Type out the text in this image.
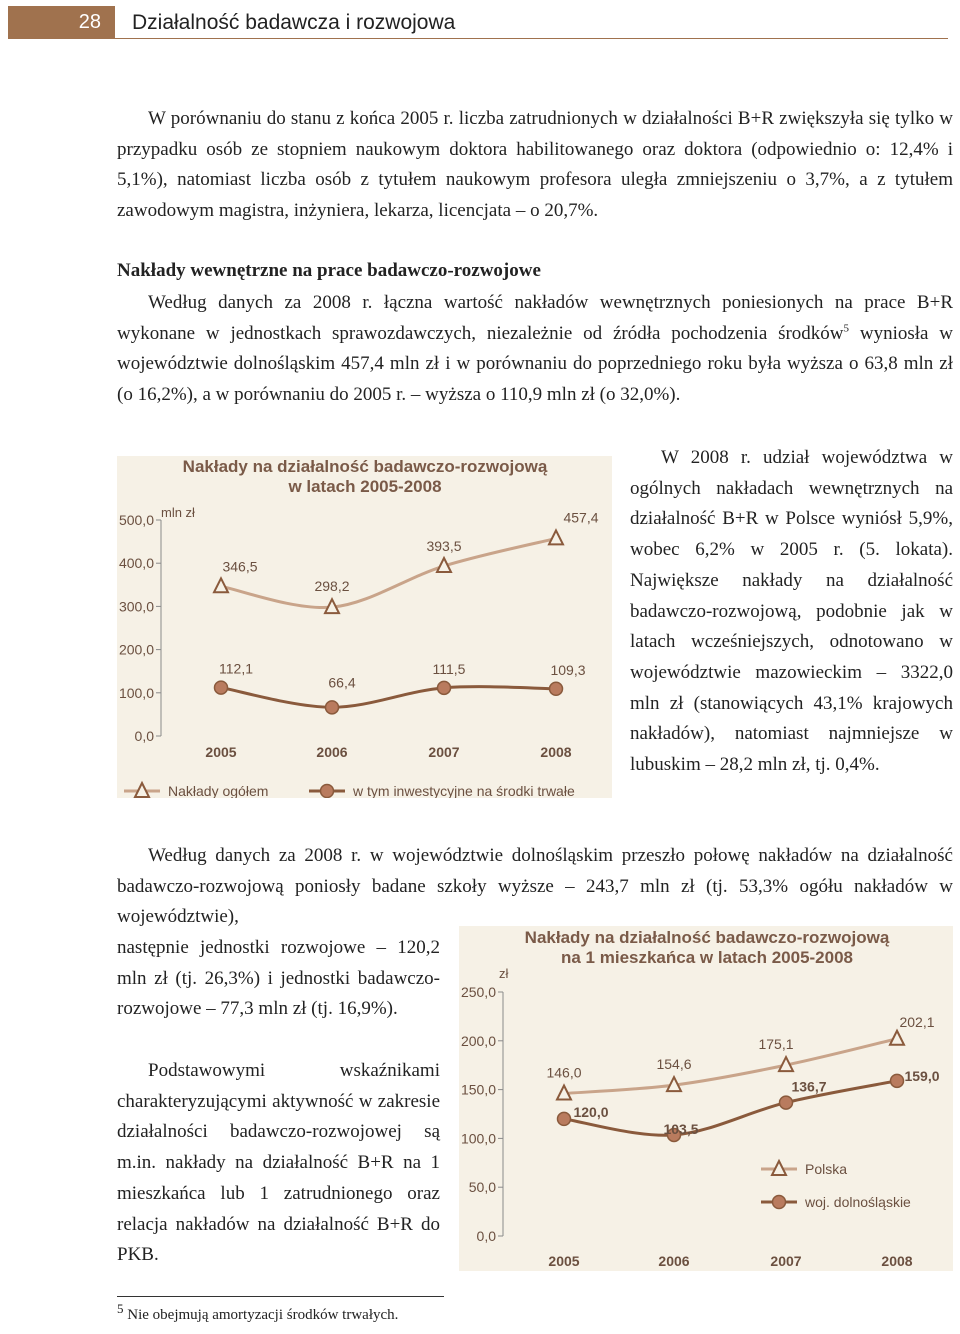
28	Działalność badawcza i rozwojowa

W porównaniu do stanu z końca 2005 r. liczba zatrudnionych w działalności B+R zwiększyła się tylko w przypadku osób ze stopniem naukowym doktora habilitowanego oraz doktora (odpowiednio o: 12,4% i 5,1%), natomiast liczba osób z tytułem naukowym profesora uległa zmniejszeniu o 3,7%, a z tytułem zawodowym magistra, inżyniera, lekarza, licencjata – o 20,7%.

Nakłady wewnętrzne na prace badawczo-rozwojowe

Według danych za 2008 r. łączna wartość nakładów wewnętrznych poniesionych na prace B+R wykonane w jednostkach sprawozdawczych, niezależnie od źródła pochodzenia środków$^5$ wyniosła w województwie dolnośląskim 457,4 mln zł i w porównaniu do poprzedniego roku była wyższa o 63,8 mln zł (o 16,2%), a w porównaniu do 2005 r. – wyższa o 110,9 mln zł (o 32,0%).

Nakłady na działalność badawczo-rozwojową
w latach 2005-2008
mln zł
500,0
400,0
300,0
200,0
100,0
0,0
2005	2006	2007	2008
346,5
298,2
393,5
457,4
112,1
66,4
111,5	109,3
Nakłady ogółem	w tym inwestycyjne na środki trwałe

W 2008 r. udział województwa w ogólnych nakładach wewnętrznych na działalność B+R w Polsce wyniósł 5,9%, wobec 6,2% w 2005 r. (5. lokata). Największe nakłady na działalność badawczo-rozwojową, podobnie jak w latach wcześniejszych, odnotowano w województwie mazowieckim – 3322,0 mln zł (stanowiących 43,1% krajowych nakładów), natomiast najmniejsze w lubuskim – 28,2 mln zł, tj. 0,4%.

Według danych za 2008 r. w województwie dolnośląskim przeszło połowę nakładów na działalność badawczo-rozwojową poniosły badane szkoły wyższe – 243,7 mln zł (tj. 53,3% ogółu nakładów w województwie),

następnie jednostki rozwojowe – 120,2 mln zł (tj. 26,3%) i jednostki badawczo-rozwojowe – 77,3 mln zł (tj. 16,9%).

Podstawowymi wskaźnikami charakteryzującymi aktywność w zakresie działalności badawczo-rozwojowej są m.in. nakłady na działalność B+R na 1 mieszkańca lub 1 zatrudnionego oraz relacja nakładów na działalność B+R do PKB.

Nakłady na działalność badawczo-rozwojową
na 1 mieszkańca w latach 2005-2008
zł
250,0
200,0
150,0
100,0
50,0
0,0
2005	2006	2007	2008
146,0
154,6
175,1
202,1
120,0
103,5
136,7
159,0
Polska
woj. dolnośląskie
$^5$ Nie obejmują amortyzacji środków trwałych.
